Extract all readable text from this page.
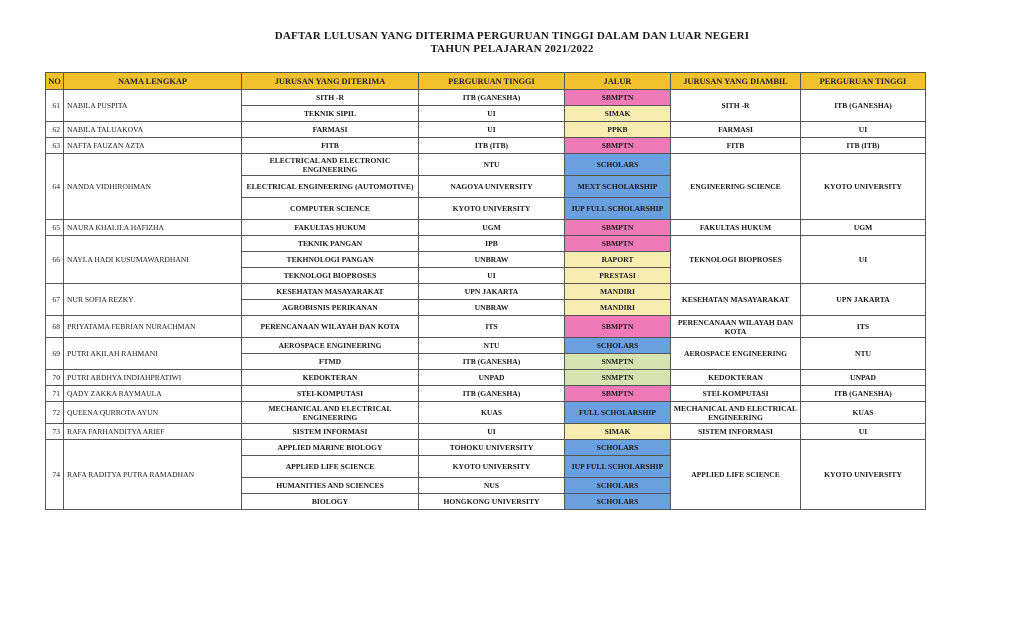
DAFTAR LULUSAN YANG DITERIMA PERGURUAN TINGGI DALAM DAN LUAR NEGERI
TAHUN PELAJARAN 2021/2022
NO	NAMA LENGKAP	JURUSAN YANG DITERIMA	PERGURUAN TINGGI	JALUR	JURUSAN YANG DIAMBIL	PERGURUAN TINGGI
61	NABILA PUSPITA	SITH -R	ITB (GANESHA)	SBMPTN	SITH -R	ITB (GANESHA)
		TEKNIK SIPIL	UI	SIMAK		
62	NABILA TALUAKOVA	FARMASI	UI	PPKB	FARMASI	UI
63	NAFTA FAUZAN AZTA	FITB	ITB (ITB)	SBMPTN	FITB	ITB (ITB)
64	NANDA VIDHIROHMAN	ELECTRICAL AND ELECTRONIC ENGINEERING	NTU	SCHOLARS	ENGINEERING SCIENCE	KYOTO UNIVERSITY
		ELECTRICAL ENGINEERING (AUTOMOTIVE)	NAGOYA UNIVERSITY	MEXT SCHOLARSHIP		
		COMPUTER SCIENCE	KYOTO UNIVERSITY	IUP FULL SCHOLARSHIP		
65	NAURA KHALILA HAFIZHA	FAKULTAS HUKUM	UGM	SBMPTN	FAKULTAS HUKUM	UGM
66	NAYLA HADI KUSUMAWARDHANI	TEKNIK PANGAN	IPB	SBMPTN	TEKNOLOGI BIOPROSES	UI
		TEKHNOLOGI PANGAN	UNBRAW	RAPORT		
		TEKNOLOGI BIOPROSES	UI	PRESTASI		
67	NUR SOFIA REZKY	KESEHATAN MASAYARAKAT	UPN JAKARTA	MANDIRI	KESEHATAN MASAYARAKAT	UPN JAKARTA
		AGROBISNIS PERIKANAN	UNBRAW	MANDIRI		
68	PRIYATAMA FEBRIAN NURACHMAN	PERENCANAAN WILAYAH DAN KOTA	ITS	SBMPTN	PERENCANAAN WILAYAH DAN KOTA	ITS
69	PUTRI AKILAH RAHMANI	AEROSPACE ENGINEERING	NTU	SCHOLARS	AEROSPACE ENGINEERING	NTU
		FTMD	ITB (GANESHA)	SNMPTN		
70	PUTRI ARDHYA INDIAHPRATIWI	KEDOKTERAN	UNPAD	SNMPTN	KEDOKTERAN	UNPAD
71	QADY ZAKKA RAYMAULA	STEI-KOMPUTASI	ITB (GANESHA)	SBMPTN	STEI-KOMPUTASI	ITB (GANESHA)
72	QUEENA QURROTA AYUN	MECHANICAL AND ELECTRICAL ENGINEERING	KUAS	FULL SCHOLARSHIP	MECHANICAL AND ELECTRICAL ENGINEERING	KUAS
73	RAFA FARHANDITYA ARIEF	SISTEM INFORMASI	UI	SIMAK	SISTEM INFORMASI	UI
74	RAFA RADITYA PUTRA RAMADHAN	APPLIED MARINE BIOLOGY	TOHOKU UNIVERSITY	SCHOLARS	APPLIED LIFE SCIENCE	KYOTO UNIVERSITY
		APPLIED LIFE SCIENCE	KYOTO UNIVERSITY	IUP FULL SCHOLARSHIP		
		HUMANITIES AND SCIENCES	NUS	SCHOLARS		
		BIOLOGY	HONGKONG UNIVERSITY	SCHOLARS		
